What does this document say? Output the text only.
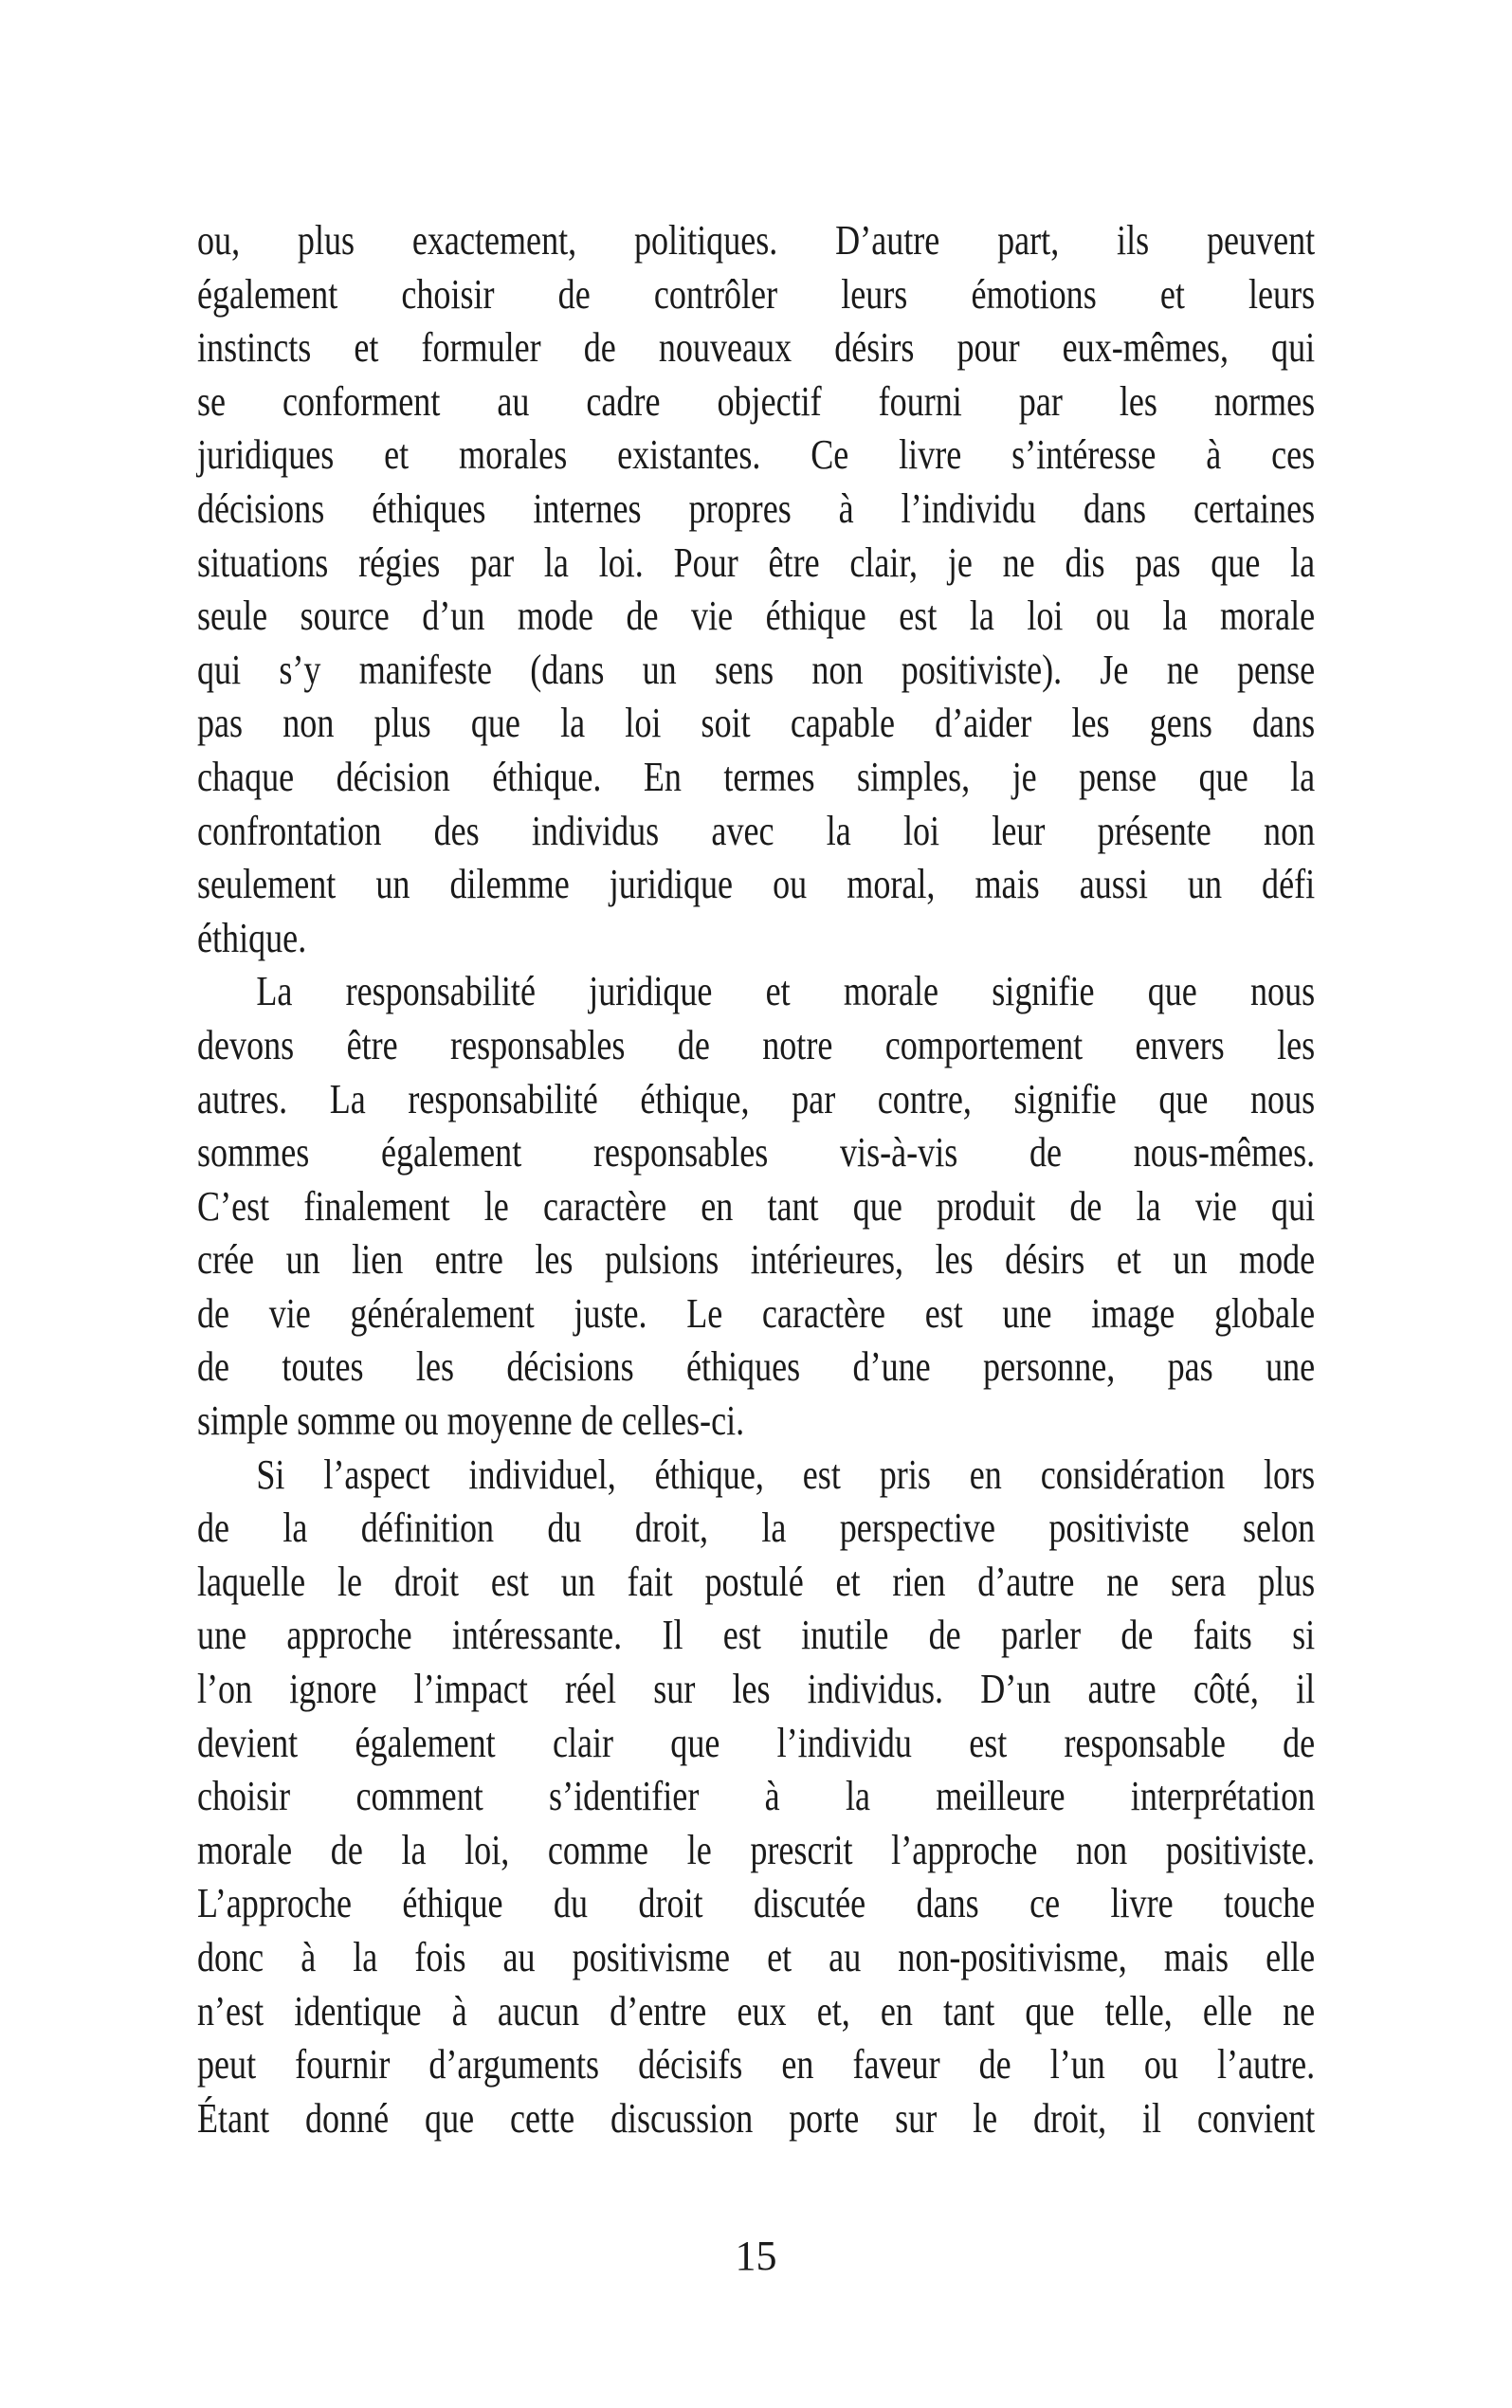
ou, plus exactement, politiques. D’autre part, ils peuvent
également choisir de contrôler leurs émotions et leurs
instincts et formuler de nouveaux désirs pour eux-mêmes, qui
se conforment au cadre objectif fourni par les normes
juridiques et morales existantes. Ce livre s’intéresse à ces
décisions éthiques internes propres à l’individu dans certaines
situations régies par la loi. Pour être clair, je ne dis pas que la
seule source d’un mode de vie éthique est la loi ou la morale
qui s’y manifeste (dans un sens non positiviste). Je ne pense
pas non plus que la loi soit capable d’aider les gens dans
chaque décision éthique. En termes simples, je pense que la
confrontation des individus avec la loi leur présente non
seulement un dilemme juridique ou moral, mais aussi un défi
éthique.
La responsabilité juridique et morale signifie que nous
devons être responsables de notre comportement envers les
autres. La responsabilité éthique, par contre, signifie que nous
sommes également responsables vis-à-vis de nous-mêmes.
C’est finalement le caractère en tant que produit de la vie qui
crée un lien entre les pulsions intérieures, les désirs et un mode
de vie généralement juste. Le caractère est une image globale
de toutes les décisions éthiques d’une personne, pas une
simple somme ou moyenne de celles-ci.
Si l’aspect individuel, éthique, est pris en considération lors
de la définition du droit, la perspective positiviste selon
laquelle le droit est un fait postulé et rien d’autre ne sera plus
une approche intéressante. Il est inutile de parler de faits si
l’on ignore l’impact réel sur les individus. D’un autre côté, il
devient également clair que l’individu est responsable de
choisir comment s’identifier à la meilleure interprétation
morale de la loi, comme le prescrit l’approche non positiviste.
L’approche éthique du droit discutée dans ce livre touche
donc à la fois au positivisme et au non-positivisme, mais elle
n’est identique à aucun d’entre eux et, en tant que telle, elle ne
peut fournir d’arguments décisifs en faveur de l’un ou l’autre.
Étant donné que cette discussion porte sur le droit, il convient
15
